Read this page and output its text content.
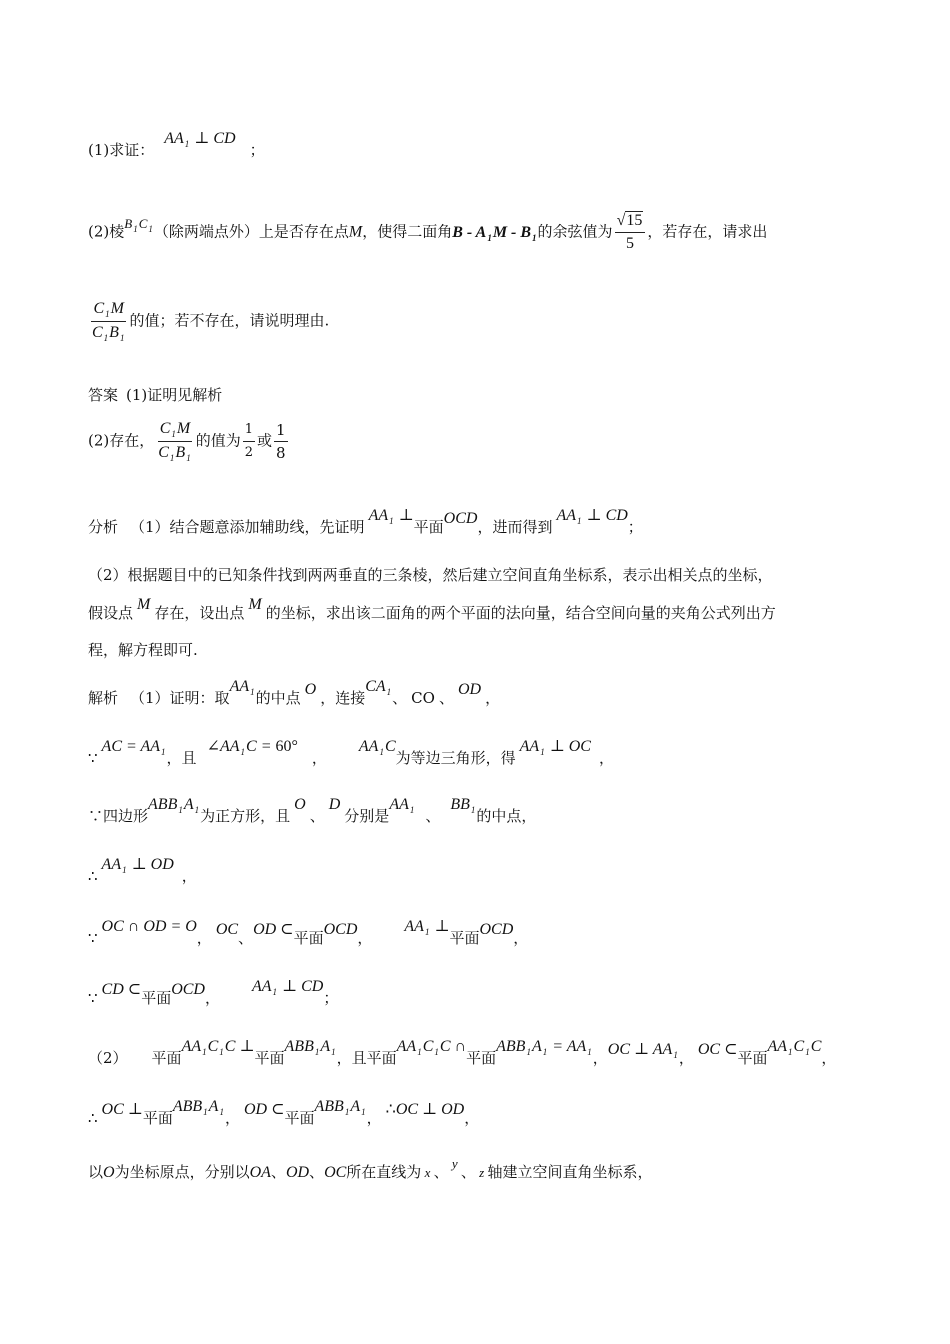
(1)求证：$AA_1$ ⊥ CD；
(2)棱$B_1C_1$（除两端点外）上是否存在点M，使得二面角B - $A_1M - B_1$的余弦值为 $\frac{√15}{5}$ ，若存在，请求出
$\frac{C_1M}{C_1B_1}$ 的值；若不存在，请说明理由.
答案 (1)证明见解析
(2)存在， $\frac{C_1M}{C_1B_1}$ 的值为 $\frac{1}{2}$ 或 $\frac{1}{8}$
分析 （1）结合题意添加辅助线，先证明$AA_1$ ⊥平面OCD，进而得到$AA_1$ ⊥ CD；
（2）根据题目中的已知条件找到两两垂直的三条棱，然后建立空间直角坐标系，表示出相关点的坐标，
假设点 M 存在，设出点 M 的坐标，求出该二面角的两个平面的法向量，结合空间向量的夹角公式列出方
程，解方程即可.
解析 （1）证明：取$AA_1$的中点 O ，连接$CA_1$、 CO 、 OD ，
∵AC = $AA_1$，且$\angle AA_1C = 60^\circ$，$AA_1C$为等边三角形，得$AA_1$ ⊥ OC，
∵四边形$ABB_1A_1$为正方形，且 O 、 D 分别是$AA_1$ 、$BB_1$的中点，
$\therefore AA_1$ ⊥ OD，
∵OC ∩ OD = O， OC、OD ⊂平面OCD，$AA_1$ ⊥平面OCD，
∵ CD ⊂平面OCD，$AA_1$ ⊥ CD；
（2） 平面$AA_1C_1C$ ⊥平面$ABB_1A_1$，且平面$AA_1C_1C$ ∩平面$ABB_1A_1 = AA_1$，OC ⊥ $AA_1$， OC ⊂平面$AA_1C_1C$，
∴ OC ⊥平面$ABB_1A_1$， OD ⊂平面$ABB_1A_1$， ∴OC ⊥ OD，
以O为坐标原点，分别以OA、OD、OC所在直线为 x 、 y 、 z 轴建立空间直角坐标系，
